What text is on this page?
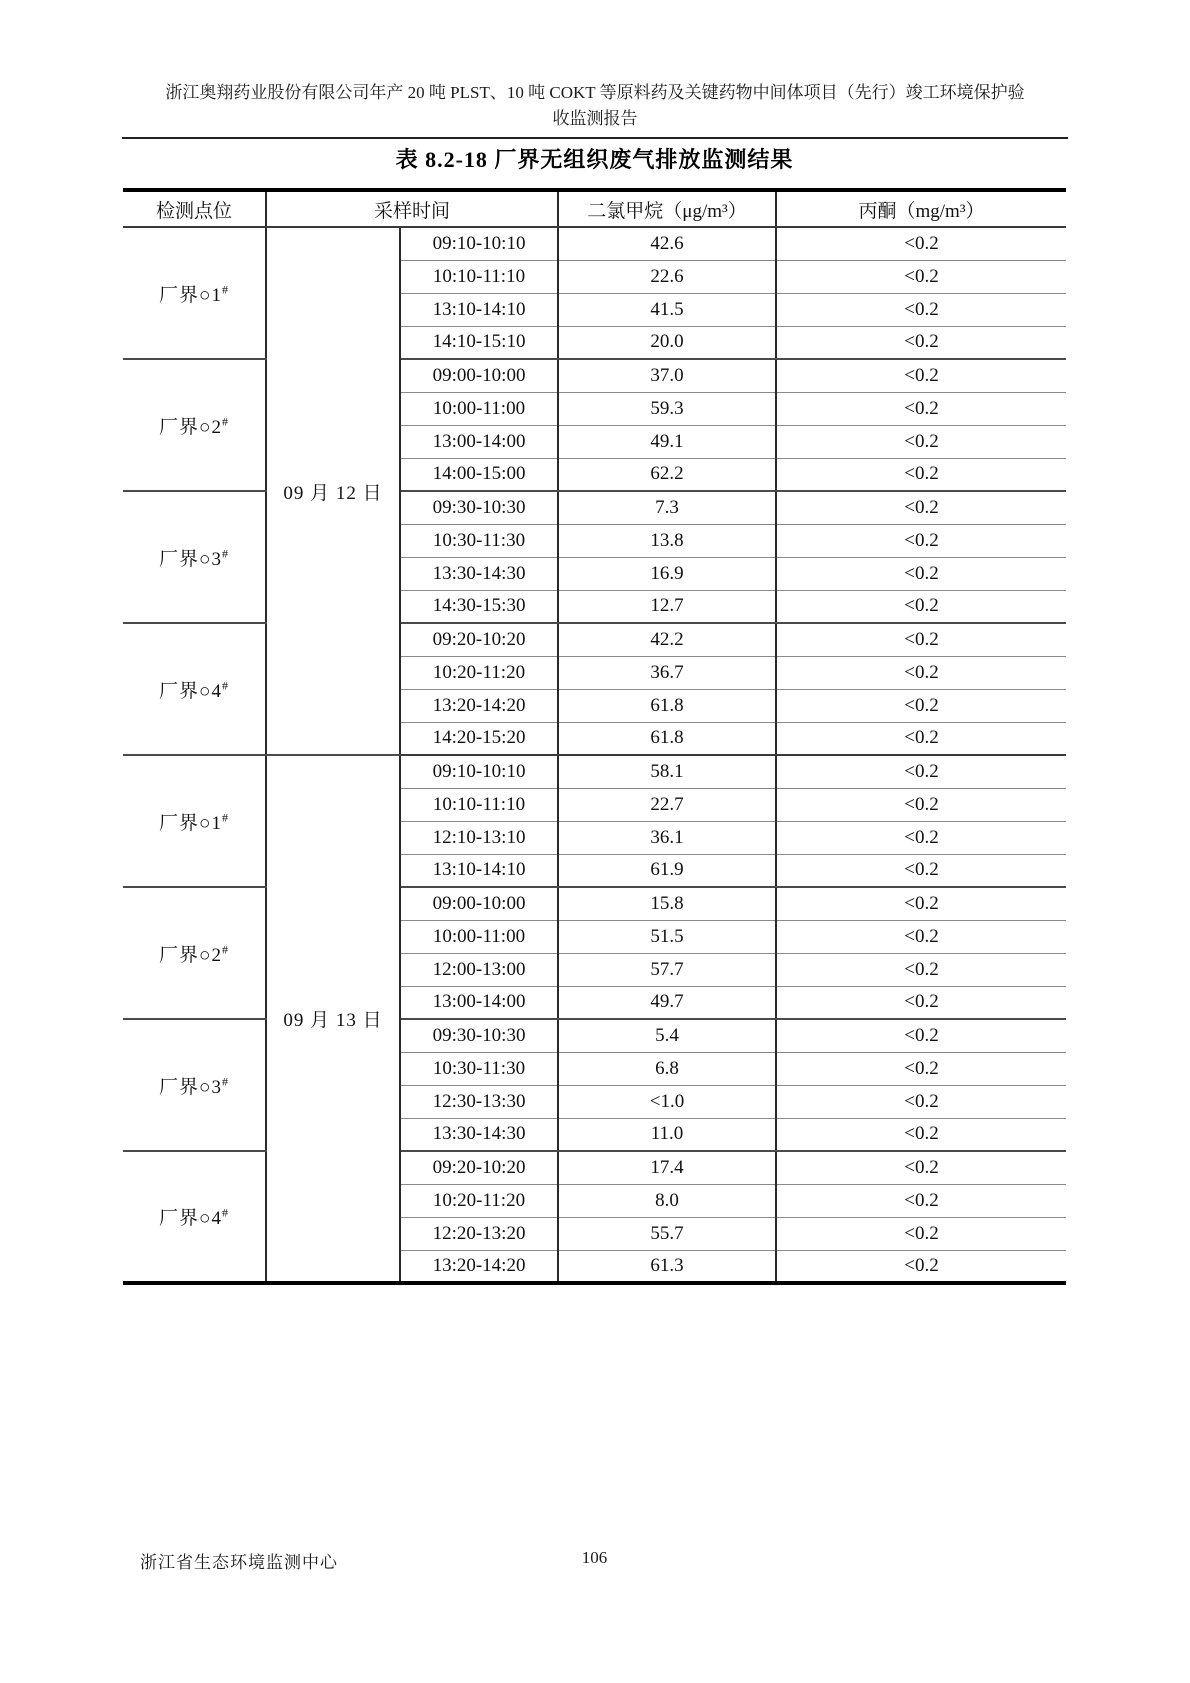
浙江奥翔药业股份有限公司年产 20 吨 PLST、10 吨 COKT 等原料药及关键药物中间体项目（先行）竣工环境保护验
收监测报告
表 8.2-18 厂界无组织废气排放监测结果
检测点位	采样时间		二氯甲烷（μg/m³）	丙酮（mg/m³）
厂界○1#	09 月 12 日	09:10-10:10	42.6	<0.2
		10:10-11:10	22.6	<0.2
		13:10-14:10	41.5	<0.2
		14:10-15:10	20.0	<0.2
厂界○2#		09:00-10:00	37.0	<0.2
		10:00-11:00	59.3	<0.2
		13:00-14:00	49.1	<0.2
		14:00-15:00	62.2	<0.2
厂界○3#		09:30-10:30	7.3	<0.2
		10:30-11:30	13.8	<0.2
		13:30-14:30	16.9	<0.2
		14:30-15:30	12.7	<0.2
厂界○4#		09:20-10:20	42.2	<0.2
		10:20-11:20	36.7	<0.2
		13:20-14:20	61.8	<0.2
		14:20-15:20	61.8	<0.2
厂界○1#	09 月 13 日	09:10-10:10	58.1	<0.2
		10:10-11:10	22.7	<0.2
		12:10-13:10	36.1	<0.2
		13:10-14:10	61.9	<0.2
厂界○2#		09:00-10:00	15.8	<0.2
		10:00-11:00	51.5	<0.2
		12:00-13:00	57.7	<0.2
		13:00-14:00	49.7	<0.2
厂界○3#		09:30-10:30	5.4	<0.2
		10:30-11:30	6.8	<0.2
		12:30-13:30	<1.0	<0.2
		13:30-14:30	11.0	<0.2
厂界○4#		09:20-10:20	17.4	<0.2
		10:20-11:20	8.0	<0.2
		12:20-13:20	55.7	<0.2
		13:20-14:20	61.3	<0.2
浙江省生态环境监测中心	106
